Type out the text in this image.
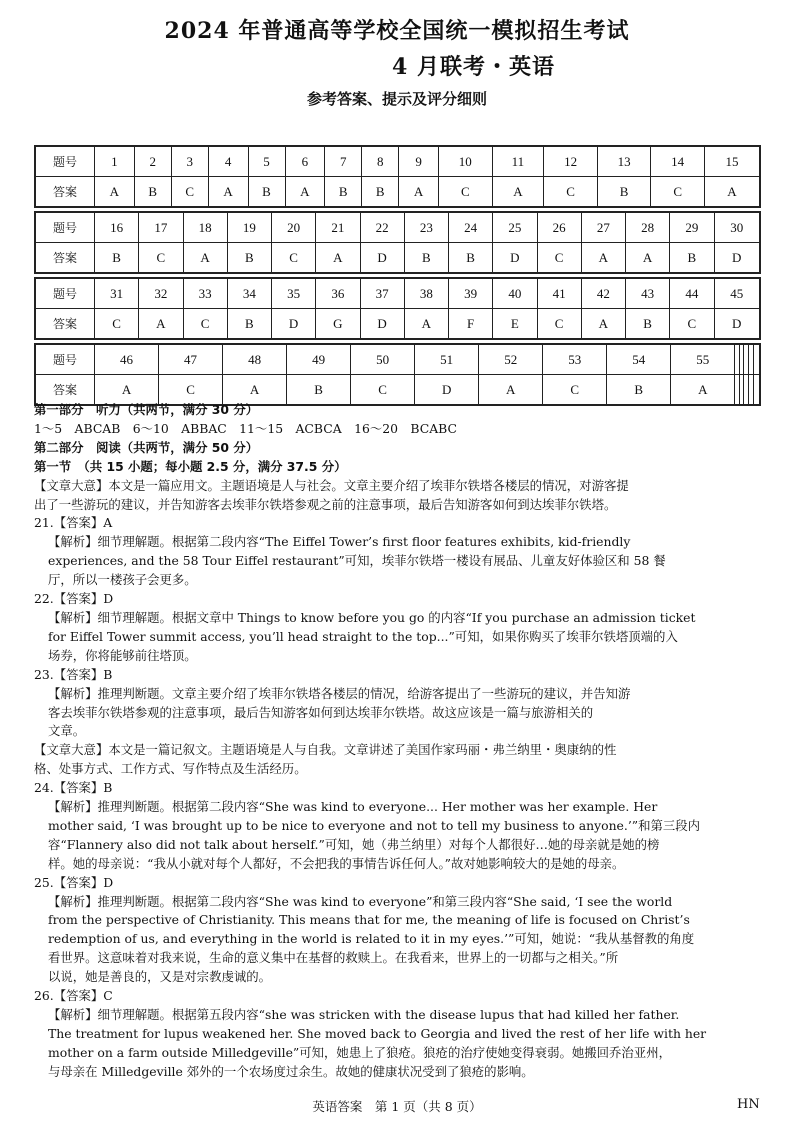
2024 年普通高等学校全国统一模拟招生考试
4 月联考・英语
参考答案、提示及评分细则
题号	1	2	3	4	5	6	7	8	9	10	11	12	13	14	15
答案	A	B	C	A	B	A	B	B	A	C	A	C	B	C	A
题号	16	17	18	19	20	21	22	23	24	25	26	27	28	29	30
答案	B	C	A	B	C	A	D	B	B	D	C	A	A	B	D
题号	31	32	33	34	35	36	37	38	39	40	41	42	43	44	45
答案	C	A	C	B	D	G	D	A	F	E	C	A	B	C	D
题号	46	47	48	49	50	51	52	53	54	55					
答案	A	C	A	B	C	D	A	C	B	A					
第一部分　听力（共两节，满分 30 分）
1～5　ABCAB　6～10　ABBAC　11～15　ACBCA　16～20　BCABC
第二部分　阅读（共两节，满分 50 分）
第一节　（共 15 小题；每小题 2.5 分，满分 37.5 分）
【文章大意】本文是一篇应用文。主题语境是人与社会。文章主要介绍了埃菲尔铁塔各楼层的情况，对游客提
出了一些游玩的建议，并告知游客去埃菲尔铁塔参观之前的注意事项，最后告知游客如何到达埃菲尔铁塔。
21.【答案】A
【解析】细节理解题。根据第二段内容“The Eiffel Tower’s first floor features exhibits, kid-friendly
experiences, and the 58 Tour Eiffel restaurant”可知，埃菲尔铁塔一楼设有展品、儿童友好体验区和 58 餐
厅，所以一楼孩子会更多。
22.【答案】D
【解析】细节理解题。根据文章中 Things to know before you go 的内容“If you purchase an admission ticket
for Eiffel Tower summit access, you’ll head straight to the top...”可知，如果你购买了埃菲尔铁塔顶端的入
场券，你将能够前往塔顶。
23.【答案】B
【解析】推理判断题。文章主要介绍了埃菲尔铁塔各楼层的情况，给游客提出了一些游玩的建议，并告知游
客去埃菲尔铁塔参观的注意事项，最后告知游客如何到达埃菲尔铁塔。故这应该是一篇与旅游相关的
文章。
【文章大意】本文是一篇记叙文。主题语境是人与自我。文章讲述了美国作家玛丽・弗兰纳里・奥康纳的性
格、处事方式、工作方式、写作特点及生活经历。
24.【答案】B
【解析】推理判断题。根据第二段内容“She was kind to everyone... Her mother was her example. Her
mother said, ‘I was brought up to be nice to everyone and not to tell my business to anyone.’”和第三段内
容“Flannery also did not talk about herself.”可知，她（弗兰纳里）对每个人都很好…她的母亲就是她的榜
样。她的母亲说：“我从小就对每个人都好，不会把我的事情告诉任何人。”故对她影响较大的是她的母亲。
25.【答案】D
【解析】推理判断题。根据第二段内容“She was kind to everyone”和第三段内容“She said, ‘I see the world
from the perspective of Christianity. This means that for me, the meaning of life is focused on Christ’s
redemption of us, and everything in the world is related to it in my eyes.’”可知，她说：“我从基督教的角度
看世界。这意味着对我来说，生命的意义集中在基督的救赎上。在我看来，世界上的一切都与之相关。”所
以说，她是善良的，又是对宗教虔诚的。
26.【答案】C
【解析】细节理解题。根据第五段内容“she was stricken with the disease lupus that had killed her father.
The treatment for lupus weakened her. She moved back to Georgia and lived the rest of her life with her
mother on a farm outside Milledgeville”可知，她患上了狼疮。狼疮的治疗使她变得衰弱。她搬回乔治亚州，
与母亲在 Milledgeville 郊外的一个农场度过余生。故她的健康状况受到了狼疮的影响。
英语答案　第 1 页（共 8 页）	HN
